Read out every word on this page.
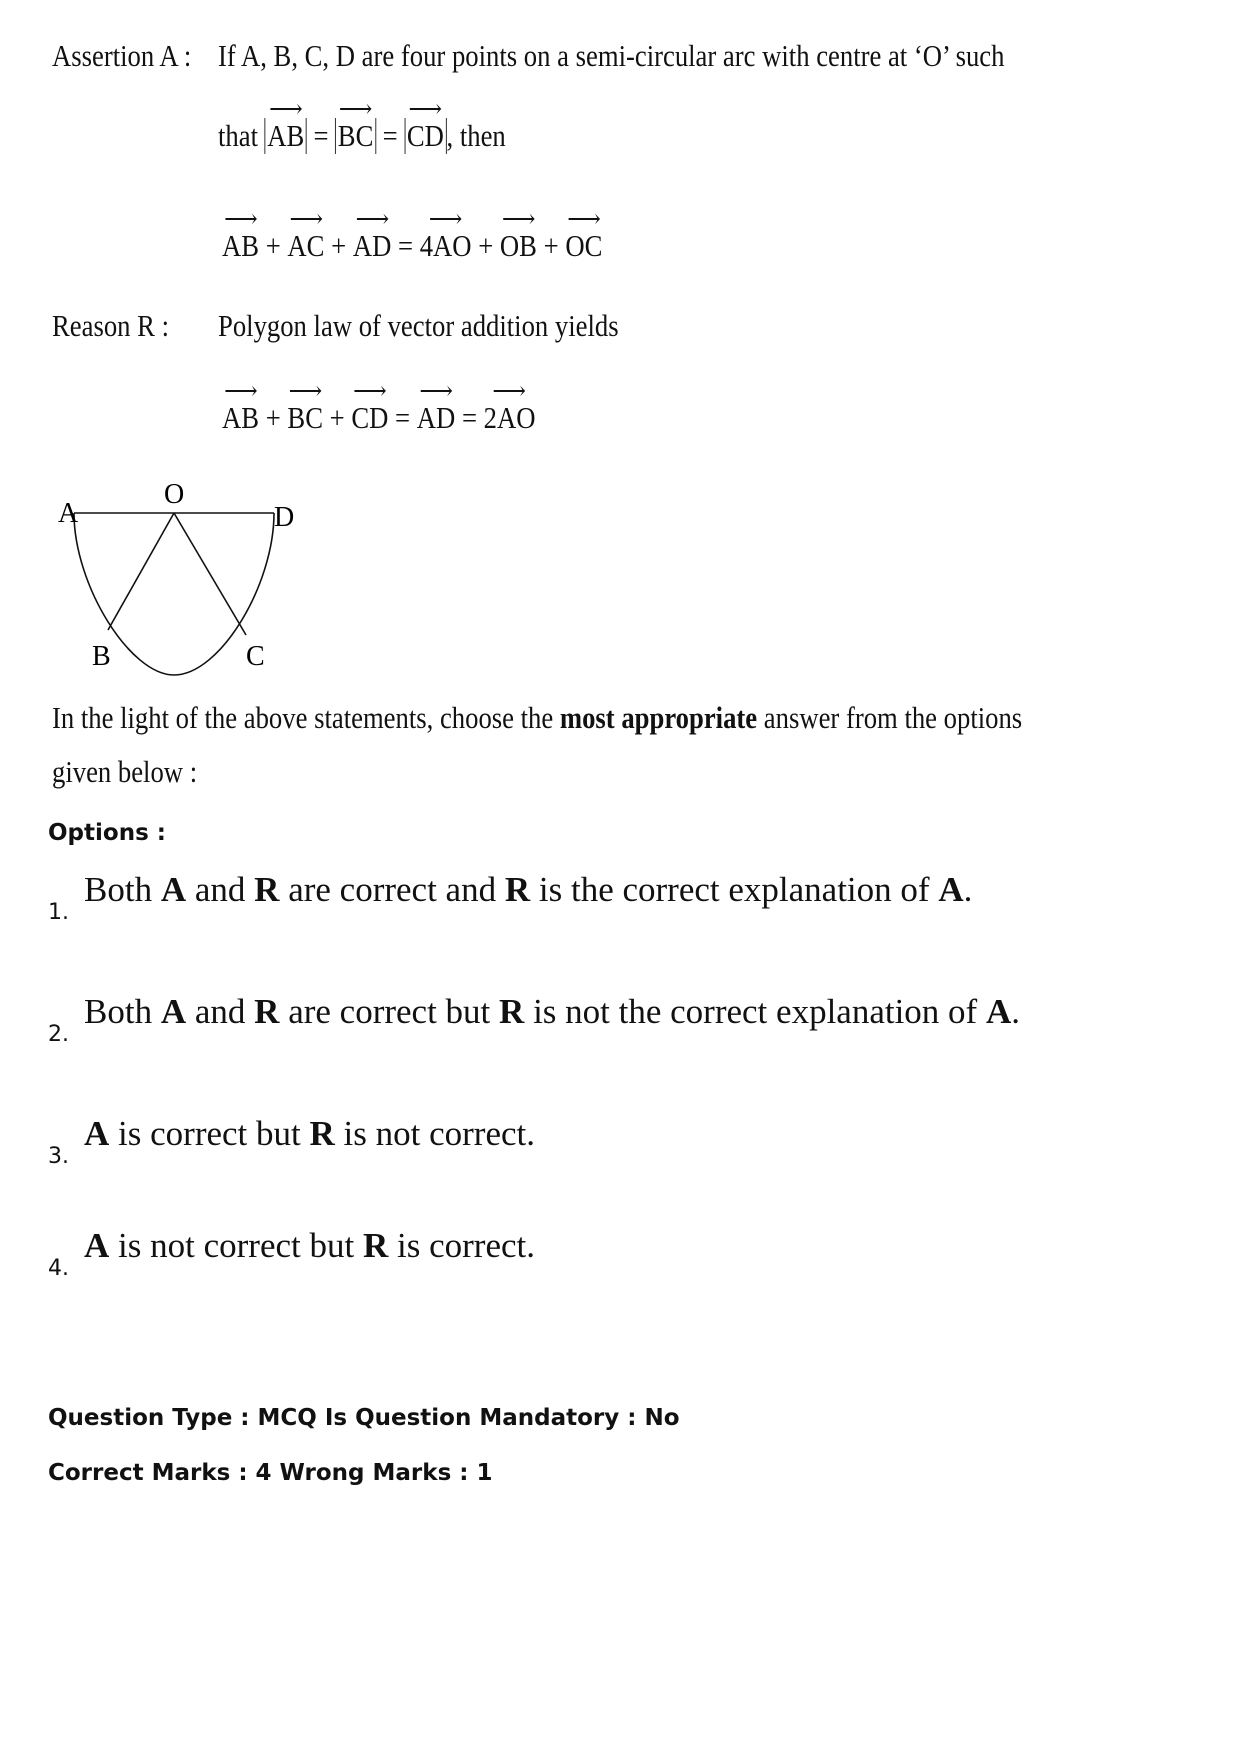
Assertion A : If A, B, C, D are four points on a semi-circular arc with centre at ‘O’ such
that ⟶ AB = ⟶ BC = ⟶ CD, then
⟶ AB + ⟶ AC + ⟶ AD = ⟶ 4AO + ⟶ OB + ⟶ OC
Reason R : Polygon law of vector addition yields
⟶ AB + ⟶ BC + ⟶ CD = ⟶ AD = ⟶ 2AO
A
O
D
B	C
In the light of the above statements, choose the most appropriate answer from the options
given below :
Options :
1.
Both A and R are correct and R is the correct explanation of A.
2.
Both A and R are correct but R is not the correct explanation of A.
3.
A is correct but R is not correct.
4.
A is not correct but R is correct.
Question Type : MCQ Is Question Mandatory : No
Correct Marks : 4 Wrong Marks : 1
